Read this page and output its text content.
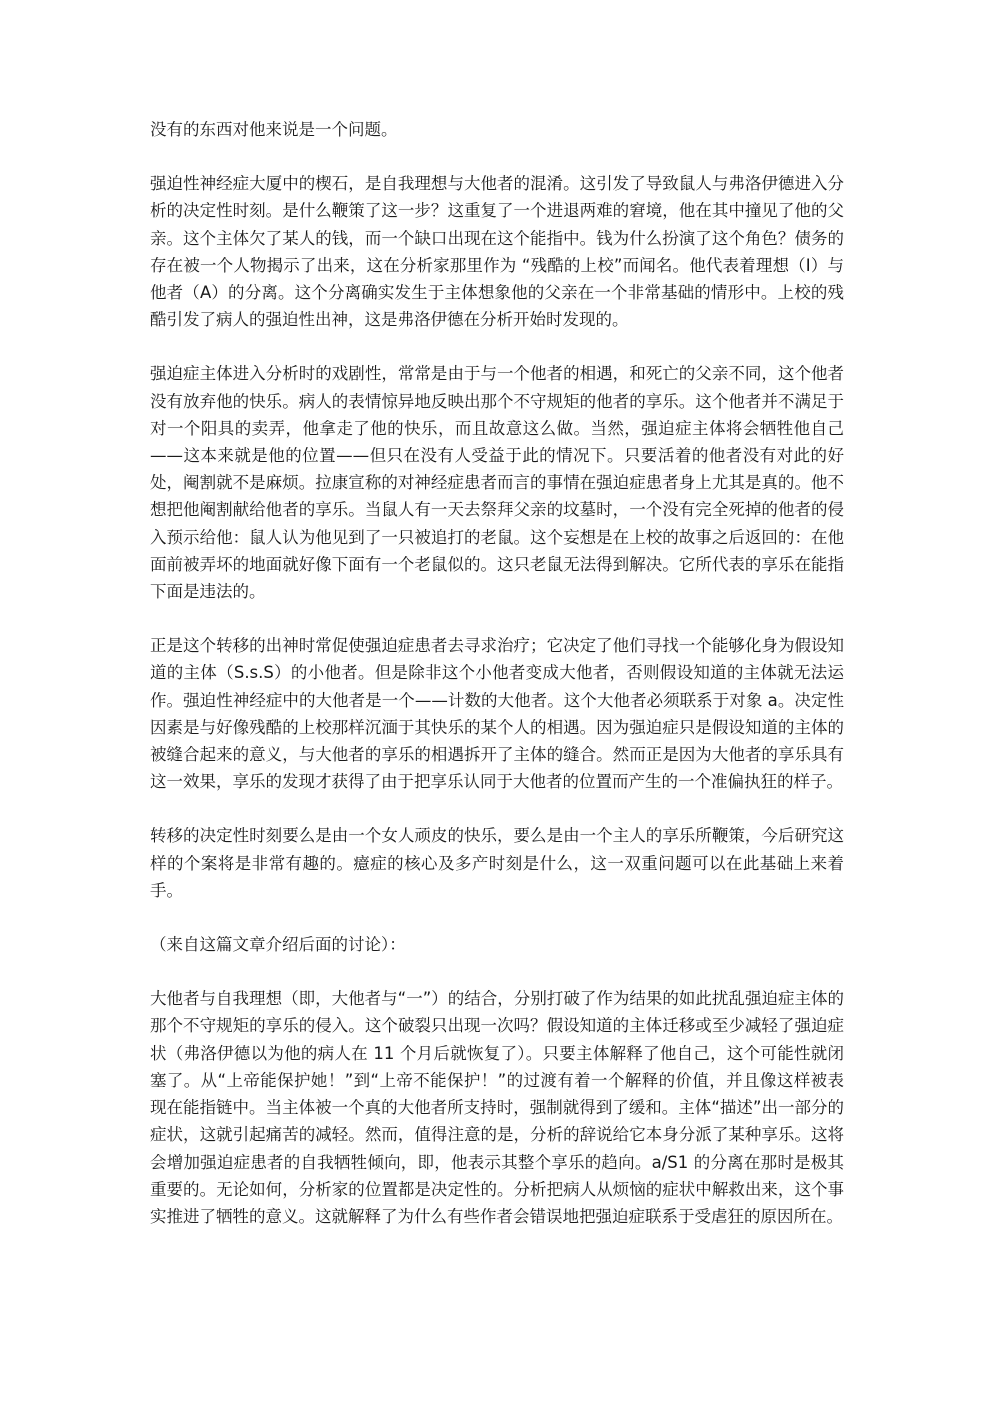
没有的东西对他来说是一个问题。

强迫性神经症大厦中的楔石，是自我理想与大他者的混淆。这引发了导致鼠人与弗洛伊德进入分析的决定性时刻。是什么鞭策了这一步？这重复了一个进退两难的窘境，他在其中撞见了他的父亲。这个主体欠了某人的钱，而一个缺口出现在这个能指中。钱为什么扮演了这个角色？债务的存在被一个人物揭示了出来，这在分析家那里作为 “残酷的上校”而闻名。他代表着理想（I）与他者（A）的分离。这个分离确实发生于主体想象他的父亲在一个非常基础的情形中。上校的残酷引发了病人的强迫性出神，这是弗洛伊德在分析开始时发现的。

强迫症主体进入分析时的戏剧性，常常是由于与一个他者的相遇，和死亡的父亲不同，这个他者没有放弃他的快乐。病人的表情惊异地反映出那个不守规矩的他者的享乐。这个他者并不满足于对一个阳具的卖弄，他拿走了他的快乐，而且故意这么做。当然，强迫症主体将会牺牲他自己——这本来就是他的位置——但只在没有人受益于此的情况下。只要活着的他者没有对此的好处，阉割就不是麻烦。拉康宣称的对神经症患者而言的事情在强迫症患者身上尤其是真的。他不想把他阉割献给他者的享乐。当鼠人有一天去祭拜父亲的坟墓时，一个没有完全死掉的他者的侵入预示给他：鼠人认为他见到了一只被追打的老鼠。这个妄想是在上校的故事之后返回的：在他面前被弄坏的地面就好像下面有一个老鼠似的。这只老鼠无法得到解决。它所代表的享乐在能指下面是违法的。

正是这个转移的出神时常促使强迫症患者去寻求治疗；它决定了他们寻找一个能够化身为假设知道的主体（S.s.S）的小他者。但是除非这个小他者变成大他者，否则假设知道的主体就无法运作。强迫性神经症中的大他者是一个——计数的大他者。这个大他者必须联系于对象 a。决定性因素是与好像残酷的上校那样沉湎于其快乐的某个人的相遇。因为强迫症只是假设知道的主体的被缝合起来的意义，与大他者的享乐的相遇拆开了主体的缝合。然而正是因为大他者的享乐具有这一效果，享乐的发现才获得了由于把享乐认同于大他者的位置而产生的一个准偏执狂的样子。

转移的决定性时刻要么是由一个女人顽皮的快乐，要么是由一个主人的享乐所鞭策，今后研究这样的个案将是非常有趣的。癔症的核心及多产时刻是什么，这一双重问题可以在此基础上来着手。

（来自这篇文章介绍后面的讨论）：

大他者与自我理想（即，大他者与“一”）的结合，分别打破了作为结果的如此扰乱强迫症主体的那个不守规矩的享乐的侵入。这个破裂只出现一次吗？假设知道的主体迁移或至少减轻了强迫症状（弗洛伊德以为他的病人在 11 个月后就恢复了）。只要主体解释了他自己，这个可能性就闭塞了。从“上帝能保护她！”到“上帝不能保护！”的过渡有着一个解释的价值，并且像这样被表现在能指链中。当主体被一个真的大他者所支持时，强制就得到了缓和。主体“描述”出一部分的症状，这就引起痛苦的减轻。然而，值得注意的是，分析的辞说给它本身分派了某种享乐。这将会增加强迫症患者的自我牺牲倾向，即，他表示其整个享乐的趋向。a/S1 的分离在那时是极其重要的。无论如何，分析家的位置都是决定性的。分析把病人从烦恼的症状中解救出来，这个事实推进了牺牲的意义。这就解释了为什么有些作者会错误地把强迫症联系于受虐狂的原因所在。
